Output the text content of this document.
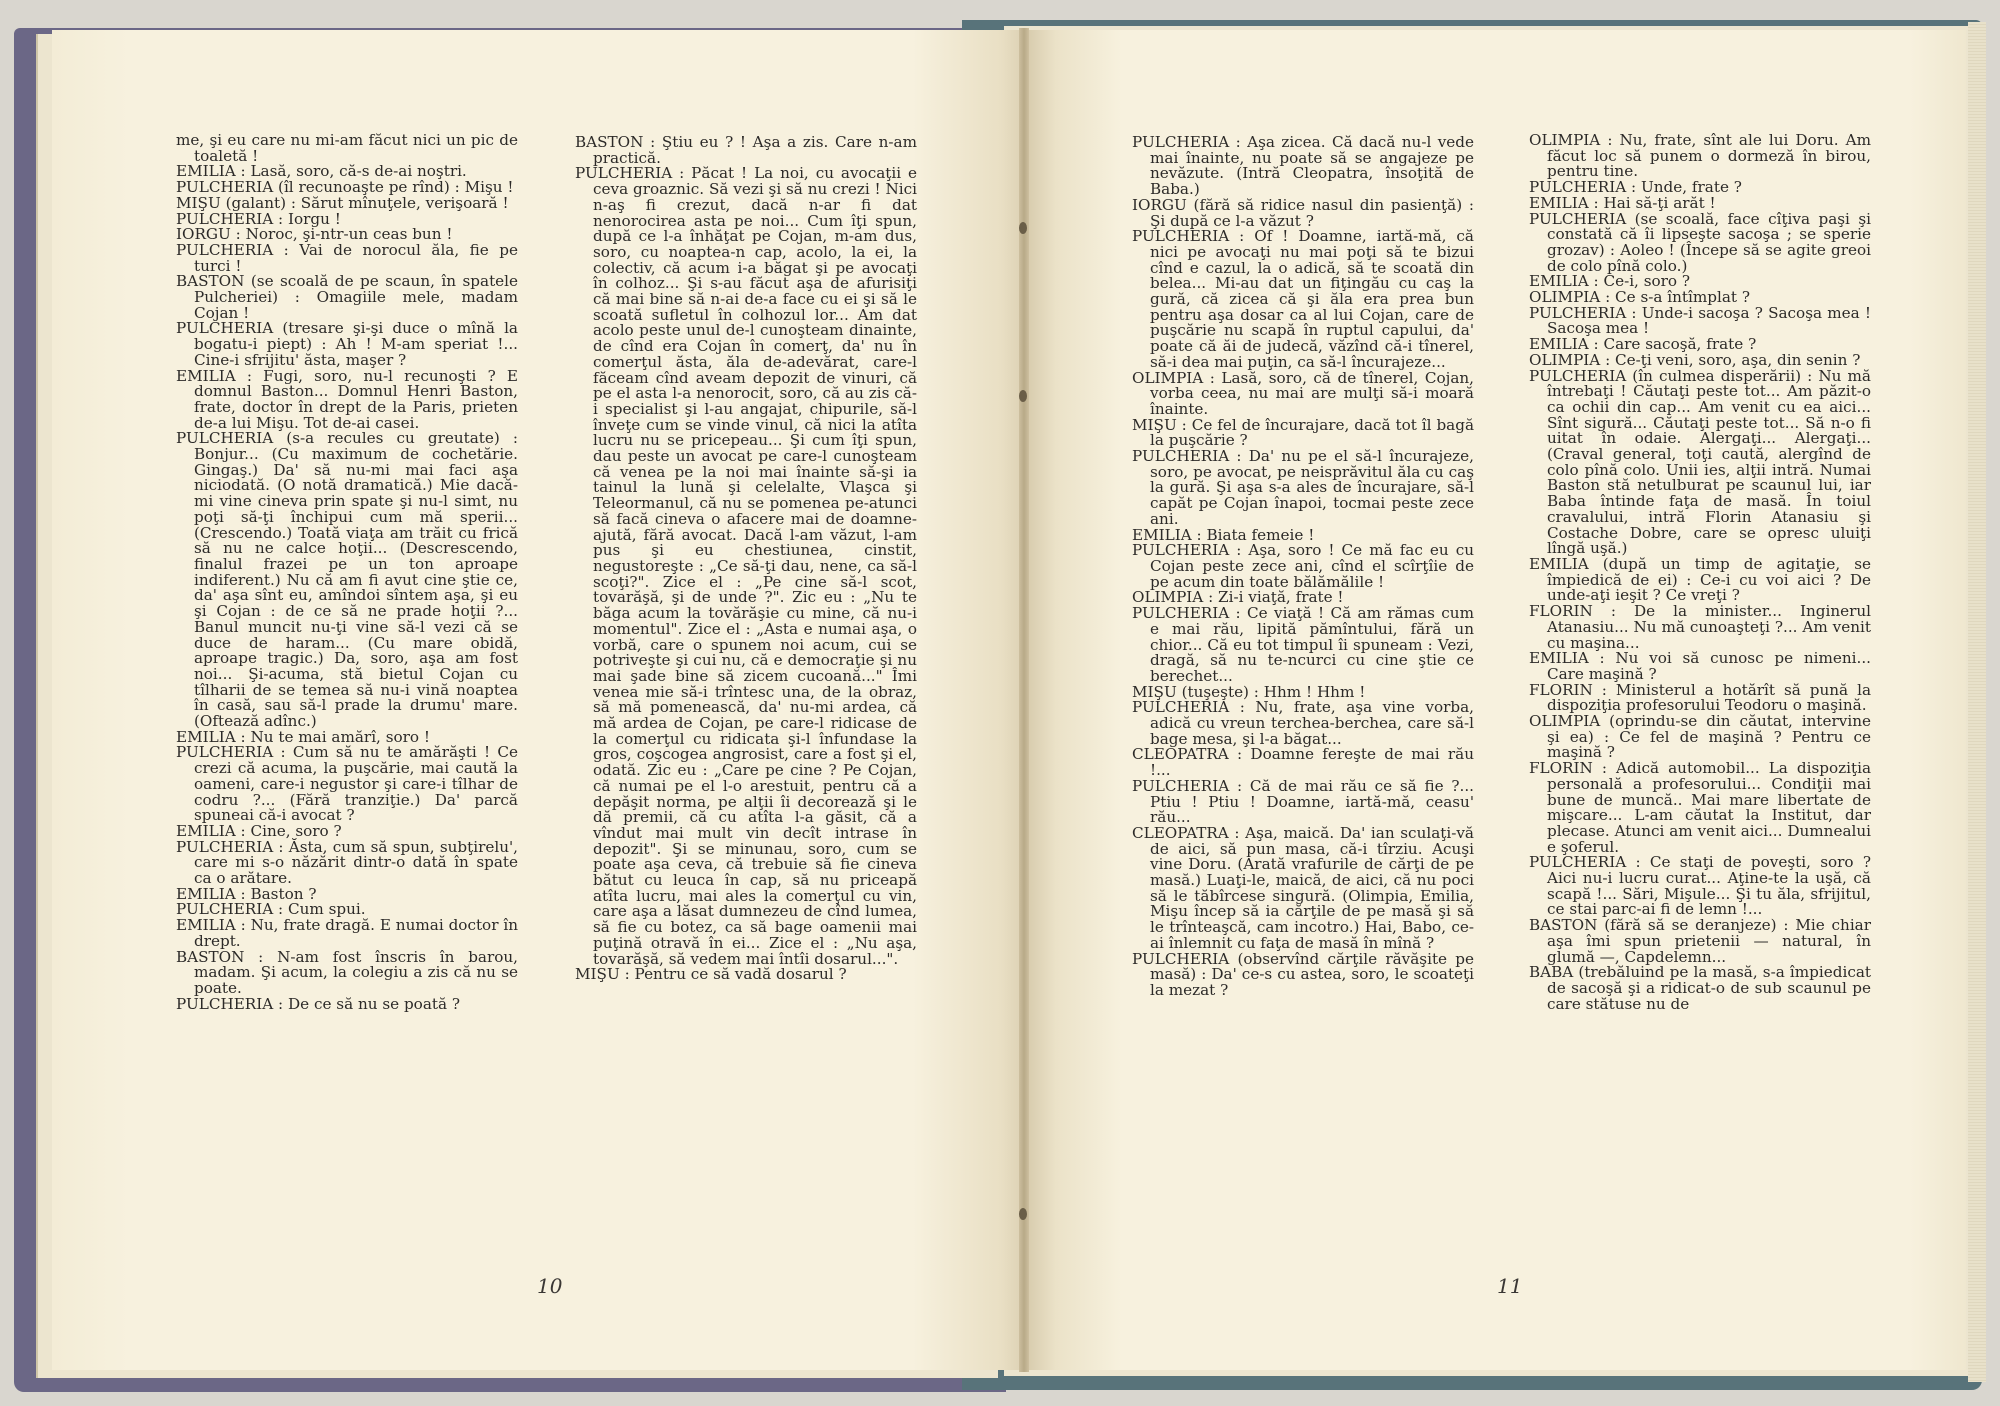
me, şi eu care nu mi-am făcut nici un pic de toaletă !

EMILIA : Lasă, soro, că-s de-ai noştri.

PULCHERIA (îl recunoaşte pe rînd) : Mişu !

MIŞU (galant) : Sărut mînuţele, verişoară !

PULCHERIA : Iorgu !

IORGU : Noroc, şi-ntr-un ceas bun !

PULCHERIA : Vai de norocul ăla, fie pe turci !

BASTON (se scoală de pe scaun, în spatele Pulcheriei) : Omagiile mele, madam Cojan !

PULCHERIA (tresare şi-şi duce o mînă la bogatu-i piept) : Ah ! M-am speriat !... Cine-i sfrijitu' ăsta, maşer ?

EMILIA : Fugi, soro, nu-l recunoşti ? E domnul Baston... Domnul Henri Baston, frate, doctor în drept de la Paris, prieten de-a lui Mişu. Tot de-ai casei.

PULCHERIA (s-a recules cu greutate) : Bonjur... (Cu maximum de cochetărie. Gingaş.) Da' să nu-mi mai faci aşa niciodată. (O notă dramatică.) Mie dacă-mi vine cineva prin spate şi nu-l simt, nu poţi să-ţi închipui cum mă sperii... (Crescendo.) Toată viaţa am trăit cu frică să nu ne calce hoţii... (Descrescendo, finalul frazei pe un ton aproape indiferent.) Nu că am fi avut cine ştie ce, da' aşa sînt eu, amîndoi sîntem aşa, şi eu şi Cojan : de ce să ne prade hoţii ?... Banul muncit nu-ţi vine să-l vezi că se duce de haram... (Cu mare obidă, aproape tragic.) Da, soro, aşa am fost noi... Şi-acuma, stă bietul Cojan cu tîlharii de se temea să nu-i vină noaptea în casă, sau să-l prade la drumu' mare. (Oftează adînc.)

EMILIA : Nu te mai amărî, soro !

PULCHERIA : Cum să nu te amărăşti ! Ce crezi că acuma, la puşcărie, mai caută la oameni, care-i negustor şi care-i tîlhar de codru ?... (Fără tranziţie.) Da' parcă spuneai că-i avocat ?

EMILIA : Cine, soro ?

PULCHERIA : Ăsta, cum să spun, subţirelu', care mi s-o năzărit dintr-o dată în spate ca o arătare.

EMILIA : Baston ?

PULCHERIA : Cum spui.

EMILIA : Nu, frate dragă. E numai doctor în drept.

BASTON : N-am fost înscris în barou, madam. Şi acum, la colegiu a zis că nu se poate.

PULCHERIA : De ce să nu se poată ?

BASTON : Ştiu eu ? ! Aşa a zis. Care n-am practică.

PULCHERIA : Păcat ! La noi, cu avocaţii e ceva groaznic. Să vezi şi să nu crezi ! Nici n-aş fi crezut, dacă n-ar fi dat nenorocirea asta pe noi... Cum îţi spun, după ce l-a înhăţat pe Cojan, m-am dus, soro, cu noaptea-n cap, acolo, la ei, la colectiv, că acum i-a băgat şi pe avocaţi în colhoz... Şi s-au făcut aşa de afurisiţi că mai bine să n-ai de-a face cu ei şi să le scoată sufletul în colhozul lor... Am dat acolo peste unul de-l cunoşteam dinainte, de cînd era Cojan în comerţ, da' nu în comerţul ăsta, ăla de-adevărat, care-l făceam cînd aveam depozit de vinuri, că pe el asta l-a nenorocit, soro, că au zis că-i specialist şi l-au angajat, chipurile, să-l înveţe cum se vinde vinul, că nici la atîta lucru nu se pricepeau... Şi cum îţi spun, dau peste un avocat pe care-l cunoşteam că venea pe la noi mai înainte să-şi ia tainul la lună şi celelalte, Vlaşca şi Teleormanul, că nu se pomenea pe-atunci să facă cineva o afacere mai de doamne-ajută, fără avocat. Dacă l-am văzut, l-am pus şi eu chestiunea, cinstit, negustoreşte : „Ce să-ţi dau, nene, ca să-l scoţi?". Zice el : „Pe cine să-l scot, tovarăşă, şi de unde ?". Zic eu : „Nu te băga acum la tovărăşie cu mine, că nu-i momentul". Zice el : „Asta e numai aşa, o vorbă, care o spunem noi acum, cui se potriveşte şi cui nu, că e democraţie şi nu mai şade bine să zicem cucoană..." Îmi venea mie să-i trîntesc una, de la obraz, să mă pomenească, da' nu-mi ardea, că mă ardea de Cojan, pe care-l ridicase de la comerţul cu ridicata şi-l înfundase la gros, coşcogea angrosist, care a fost şi el, odată. Zic eu : „Care pe cine ? Pe Cojan, că numai pe el l-o arestuit, pentru că a depăşit norma, pe alţii îi decorează şi le dă premii, că cu atîta l-a găsit, că a vîndut mai mult vin decît intrase în depozit". Şi se minunau, soro, cum se poate aşa ceva, că trebuie să fie cineva bătut cu leuca în cap, să nu priceapă atîta lucru, mai ales la comerţul cu vin, care aşa a lăsat dumnezeu de cînd lumea, să fie cu botez, ca să bage oamenii mai puţină otravă în ei... Zice el : „Nu aşa, tovarăşă, să vedem mai întîi dosarul...".

MIŞU : Pentru ce să vadă dosarul ?

PULCHERIA : Aşa zicea. Că dacă nu-l vede mai înainte, nu poate să se angajeze pe nevăzute. (Intră Cleopatra, însoţită de Baba.)

IORGU (fără să ridice nasul din pasienţă) : Şi după ce l-a văzut ?

PULCHERIA : Of ! Doamne, iartă-mă, că nici pe avocaţi nu mai poţi să te bizui cînd e cazul, la o adică, să te scoată din belea... Mi-au dat un fiţingău cu caş la gură, că zicea că şi ăla era prea bun pentru aşa dosar ca al lui Cojan, care de puşcărie nu scapă în ruptul capului, da' poate că ăi de judecă, văzînd că-i tînerel, să-i dea mai puţin, ca să-l încurajeze...

OLIMPIA : Lasă, soro, că de tînerel, Cojan, vorba ceea, nu mai are mulţi să-i moară înainte.

MIŞU : Ce fel de încurajare, dacă tot îl bagă la puşcărie ?

PULCHERIA : Da' nu pe el să-l încurajeze, soro, pe avocat, pe neisprăvitul ăla cu caş la gură. Şi aşa s-a ales de încurajare, să-l capăt pe Cojan înapoi, tocmai peste zece ani.

EMILIA : Biata femeie !

PULCHERIA : Aşa, soro ! Ce mă fac eu cu Cojan peste zece ani, cînd el scîrţîie de pe acum din toate bălămălile !

OLIMPIA : Zi-i viaţă, frate !

PULCHERIA : Ce viaţă ! Că am rămas cum e mai rău, lipită pămîntului, fără un chior... Că eu tot timpul îi spuneam : Vezi, dragă, să nu te-ncurci cu cine ştie ce berechet...

MIŞU (tuşeşte) : Hhm ! Hhm !

PULCHERIA : Nu, frate, aşa vine vorba, adică cu vreun terchea-berchea, care să-l bage mesa, şi l-a băgat...

CLEOPATRA : Doamne fereşte de mai rău !...

PULCHERIA : Că de mai rău ce să fie ?... Ptiu ! Ptiu ! Doamne, iartă-mă, ceasu' rău...

CLEOPATRA : Aşa, maică. Da' ian sculaţi-vă de aici, să pun masa, că-i tîrziu. Acuşi vine Doru. (Arată vrafurile de cărţi de pe masă.) Luaţi-le, maică, de aici, că nu poci să le tăbîrcese singură. (Olimpia, Emilia, Mişu încep să ia cărţile de pe masă şi să le trînteaşcă, cam incotro.) Hai, Babo, ce-ai înlemnit cu faţa de masă în mînă ?

PULCHERIA (observînd cărţile răvăşite pe masă) : Da' ce-s cu astea, soro, le scoateţi la mezat ?

OLIMPIA : Nu, frate, sînt ale lui Doru. Am făcut loc să punem o dormeză în birou, pentru tine.

PULCHERIA : Unde, frate ?

EMILIA : Hai să-ţi arăt !

PULCHERIA (se scoală, face cîţiva paşi şi constată că îi lipseşte sacoşa ; se sperie grozav) : Aoleo ! (Începe să se agite greoi de colo pînă colo.)

EMILIA : Ce-i, soro ?

OLIMPIA : Ce s-a întîmplat ?

PULCHERIA : Unde-i sacoşa ? Sacoşa mea ! Sacoşa mea !

EMILIA : Care sacoşă, frate ?

OLIMPIA : Ce-ţi veni, soro, aşa, din senin ?

PULCHERIA (în culmea disperării) : Nu mă întrebaţi ! Căutaţi peste tot... Am păzit-o ca ochii din cap... Am venit cu ea aici... Sînt sigură... Căutaţi peste tot... Să n-o fi uitat în odaie. Alergaţi... Alergaţi... (Craval general, toţi caută, alergînd de colo pînă colo. Unii ies, alţii intră. Numai Baston stă netulburat pe scaunul lui, iar Baba întinde faţa de masă. În toiul cravalului, intră Florin Atanasiu şi Costache Dobre, care se opresc uluiţi lîngă uşă.)

EMILIA (după un timp de agitaţie, se împiedică de ei) : Ce-i cu voi aici ? De unde-aţi ieşit ? Ce vreţi ?

FLORIN : De la minister... Inginerul Atanasiu... Nu mă cunoaşteţi ?... Am venit cu maşina...

EMILIA : Nu voi să cunosc pe nimeni... Care maşină ?

FLORIN : Ministerul a hotărît să pună la dispoziţia profesorului Teodoru o maşină.

OLIMPIA (oprindu-se din căutat, intervine şi ea) : Ce fel de maşină ? Pentru ce maşină ?

FLORIN : Adică automobil... La dispoziţia personală a profesorului... Condiţii mai bune de muncă.. Mai mare libertate de mişcare... L-am căutat la Institut, dar plecase. Atunci am venit aici... Dumnealui e şoferul.

PULCHERIA : Ce staţi de poveşti, soro ? Aici nu-i lucru curat... Aţine-te la uşă, că scapă !... Sări, Mişule... Şi tu ăla, sfrijitul, ce stai parc-ai fi de lemn !...

BASTON (fără să se deranjeze) : Mie chiar aşa îmi spun prietenii — natural, în glumă —, Capdelemn...

BABA (trebăluind pe la masă, s-a împiedicat de sacoşă şi a ridicat-o de sub scaunul pe care stătuse nu de

10	11
